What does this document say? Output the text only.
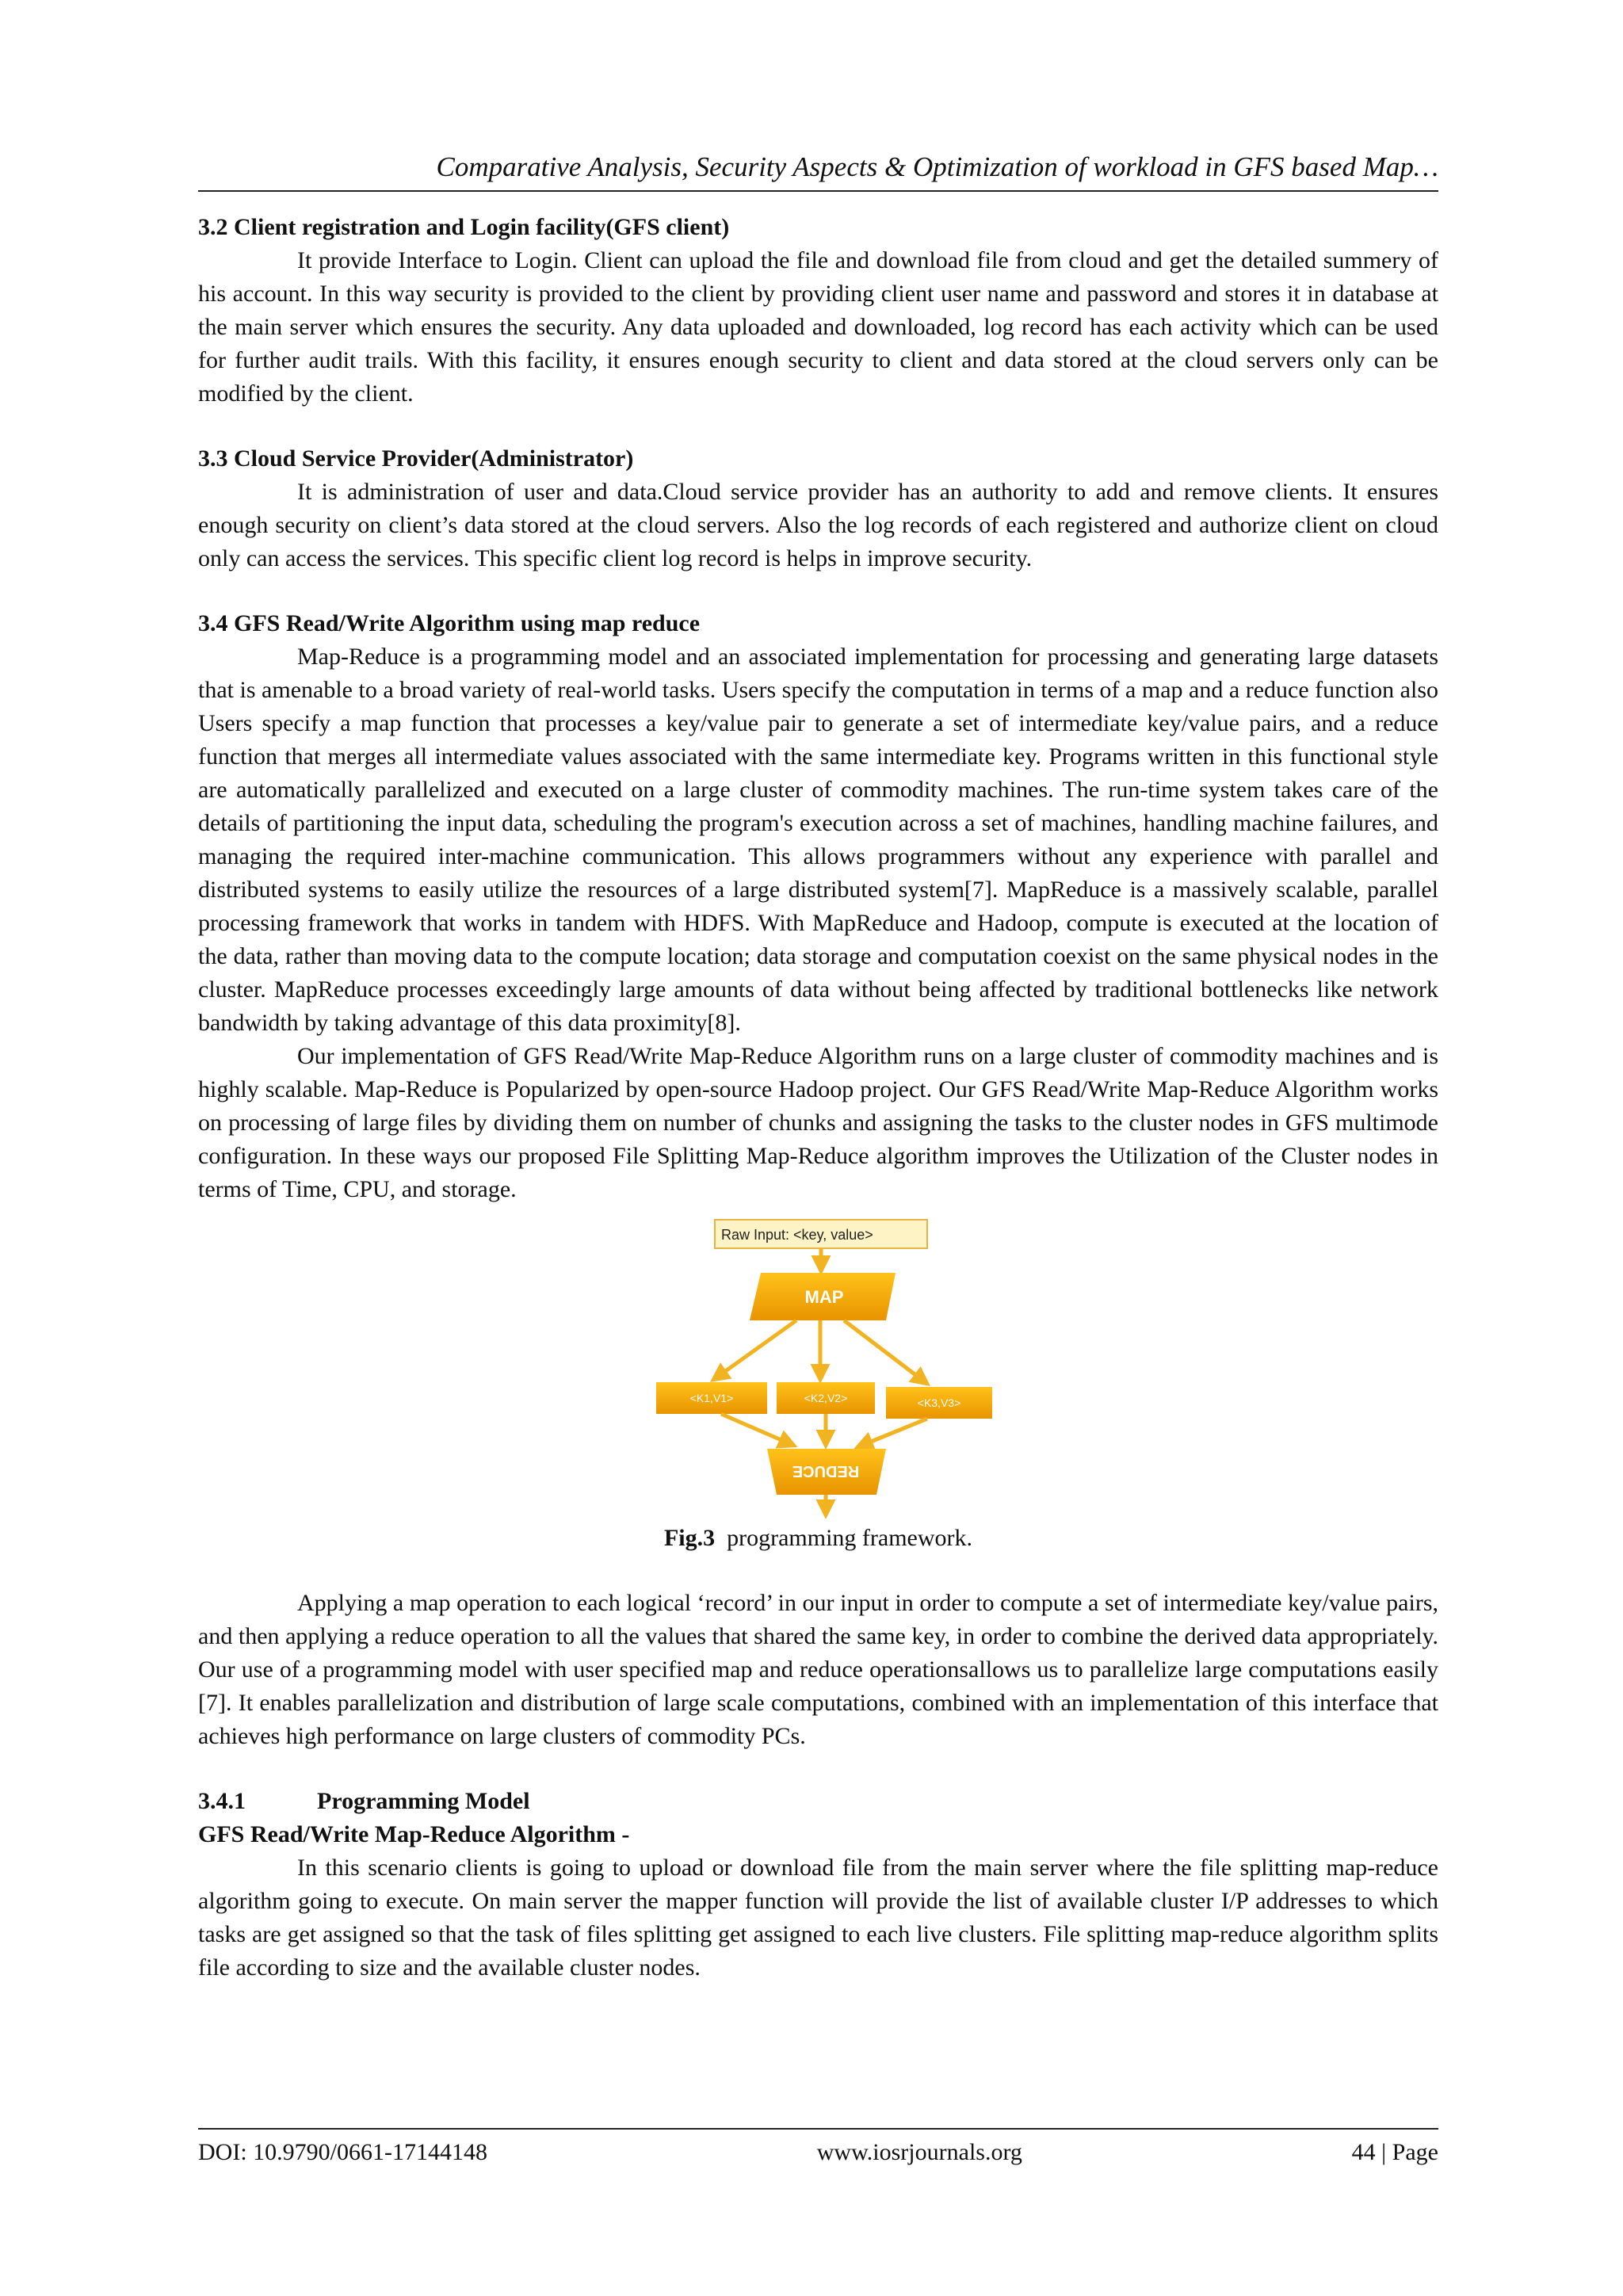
Comparative Analysis, Security Aspects & Optimization of workload in GFS based Map…
3.2 Client registration and Login facility(GFS client)

It provide Interface to Login. Client can upload the file and download file from cloud and get the detailed summery of his account. In this way security is provided to the client by providing client user name and password and stores it in database at the main server which ensures the security. Any data uploaded and downloaded, log record has each activity which can be used for further audit trails. With this facility, it ensures enough security to client and data stored at the cloud servers only can be modified by the client.

3.3 Cloud Service Provider(Administrator)

It is administration of user and data.Cloud service provider has an authority to add and remove clients. It ensures enough security on client’s data stored at the cloud servers. Also the log records of each registered and authorize client on cloud only can access the services. This specific client log record is helps in improve security.

3.4 GFS Read/Write Algorithm using map reduce

Map-Reduce is a programming model and an associated implementation for processing and generating large datasets that is amenable to a broad variety of real-world tasks. Users specify the computation in terms of a map and a reduce function also Users specify a map function that processes a key/value pair to generate a set of intermediate key/value pairs, and a reduce function that merges all intermediate values associated with the same intermediate key. Programs written in this functional style are automatically parallelized and executed on a large cluster of commodity machines. The run-time system takes care of the details of partitioning the input data, scheduling the program's execution across a set of machines, handling machine failures, and managing the required inter-machine communication. This allows programmers without any experience with parallel and distributed systems to easily utilize the resources of a large distributed system[7]. MapReduce is a massively scalable, parallel processing framework that works in tandem with HDFS. With MapReduce and Hadoop, compute is executed at the location of the data, rather than moving data to the compute location; data storage and computation coexist on the same physical nodes in the cluster. MapReduce processes exceedingly large amounts of data without being affected by traditional bottlenecks like network bandwidth by taking advantage of this data proximity[8].

Our implementation of GFS Read/Write Map-Reduce Algorithm runs on a large cluster of commodity machines and is highly scalable. Map-Reduce is Popularized by open-source Hadoop project. Our GFS Read/Write Map-Reduce Algorithm works on processing of large files by dividing them on number of chunks and assigning the tasks to the cluster nodes in GFS multimode configuration. In these ways our proposed File Splitting Map-Reduce algorithm improves the Utilization of the Cluster nodes in terms of Time, CPU, and storage.

Raw Input: <key, value>
MAP
<K1,V1>	<K2,V2>	<K3,V3>
REDUCE
Fig.3 programming framework.

Applying a map operation to each logical ‘record’ in our input in order to compute a set of intermediate key/value pairs, and then applying a reduce operation to all the values that shared the same key, in order to combine the derived data appropriately. Our use of a programming model with user specified map and reduce operationsallows us to parallelize large computations easily [7]. It enables parallelization and distribution of large scale computations, combined with an implementation of this interface that achieves high performance on large clusters of commodity PCs.

3.4.1	Programming Model
GFS Read/Write Map-Reduce Algorithm -

In this scenario clients is going to upload or download file from the main server where the file splitting map-reduce algorithm going to execute. On main server the mapper function will provide the list of available cluster I/P addresses to which tasks are get assigned so that the task of files splitting get assigned to each live clusters. File splitting map-reduce algorithm splits file according to size and the available cluster nodes.

DOI: 10.9790/0661-17144148	www.iosrjournals.org	44 | Page
